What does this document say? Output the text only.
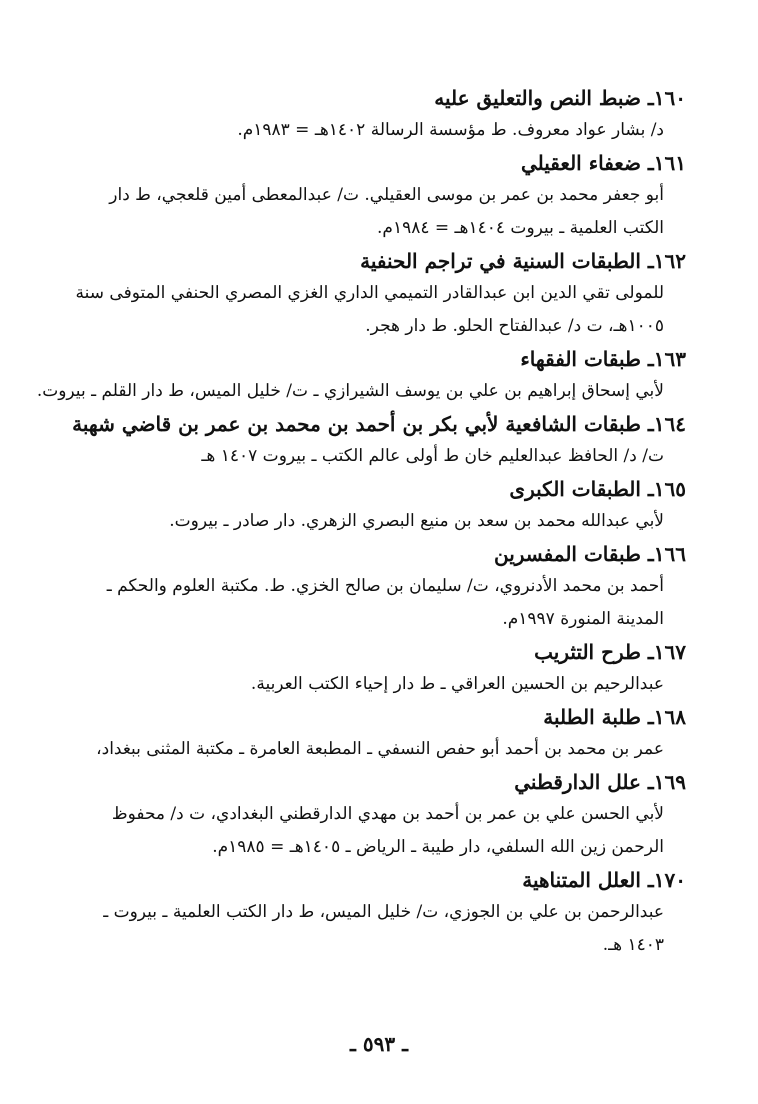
١٦٠ـ ضبط النص والتعليق عليه
د/ بشار عواد معروف. ط مؤسسة الرسالة ١٤٠٢هـ = ١٩٨٣م.
١٦١ـ ضعفاء العقيلي
أبو جعفر محمد بن عمر بن موسى العقيلي. ت/ عبدالمعطى أمين قلعجي، ط دار
الكتب العلمية ـ بيروت ١٤٠٤هـ = ١٩٨٤م.
١٦٢ـ الطبقات السنية في تراجم الحنفية
للمولى تقي الدين ابن عبدالقادر التميمي الداري الغزي المصري الحنفي المتوفى سنة
١٠٠٥هـ، ت د/ عبدالفتاح الحلو. ط دار هجر.
١٦٣ـ طبقات الفقهاء
لأبي إسحاق إبراهيم بن علي بن يوسف الشيرازي ـ ت/ خليل الميس، ط دار القلم ـ بيروت.
١٦٤ـ طبقات الشافعية لأبي بكر بن أحمد بن محمد بن عمر بن قاضي شهبة
ت/ د/ الحافظ عبدالعليم خان ط أولى عالم الكتب ـ بيروت ١٤٠٧ هـ
١٦٥ـ الطبقات الكبرى
لأبي عبدالله محمد بن سعد بن منيع البصري الزهري. دار صادر ـ بيروت.
١٦٦ـ طبقات المفسرين
أحمد بن محمد الأدنروي، ت/ سليمان بن صالح الخزي. ط. مكتبة العلوم والحكم ـ
المدينة المنورة ١٩٩٧م.
١٦٧ـ طرح التثريب
عبدالرحيم بن الحسين العراقي ـ ط دار إحياء الكتب العربية.
١٦٨ـ طلبة الطلبة
عمر بن محمد بن أحمد أبو حفص النسفي ـ المطبعة العامرة ـ مكتبة المثنى ببغداد،
١٦٩ـ علل الدارقطني
لأبي الحسن علي بن عمر بن أحمد بن مهدي الدارقطني البغدادي، ت د/ محفوظ
الرحمن زين الله السلفي، دار طيبة ـ الرياض ـ ١٤٠٥هـ = ١٩٨٥م.
١٧٠ـ العلل المتناهية
عبدالرحمن بن علي بن الجوزي، ت/ خليل الميس، ط دار الكتب العلمية ـ بيروت ـ
١٤٠٣ هـ.
ـ ٥٩٣ ـ
